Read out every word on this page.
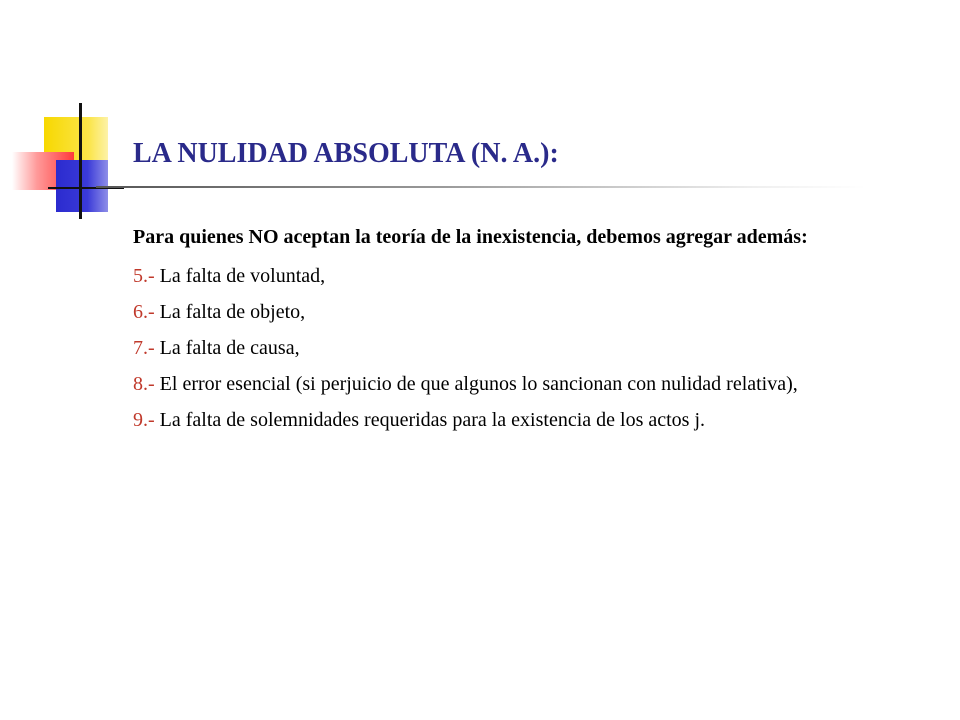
LA NULIDAD ABSOLUTA (N. A.):

Para quienes NO aceptan la teoría de la inexistencia, debemos agregar además:

5.- La falta de voluntad,

6.- La falta de objeto,

7.- La falta de causa,

8.- El error esencial (si perjuicio de que algunos lo sancionan con nulidad relativa),

9.- La falta de solemnidades requeridas para la existencia de los actos j.
